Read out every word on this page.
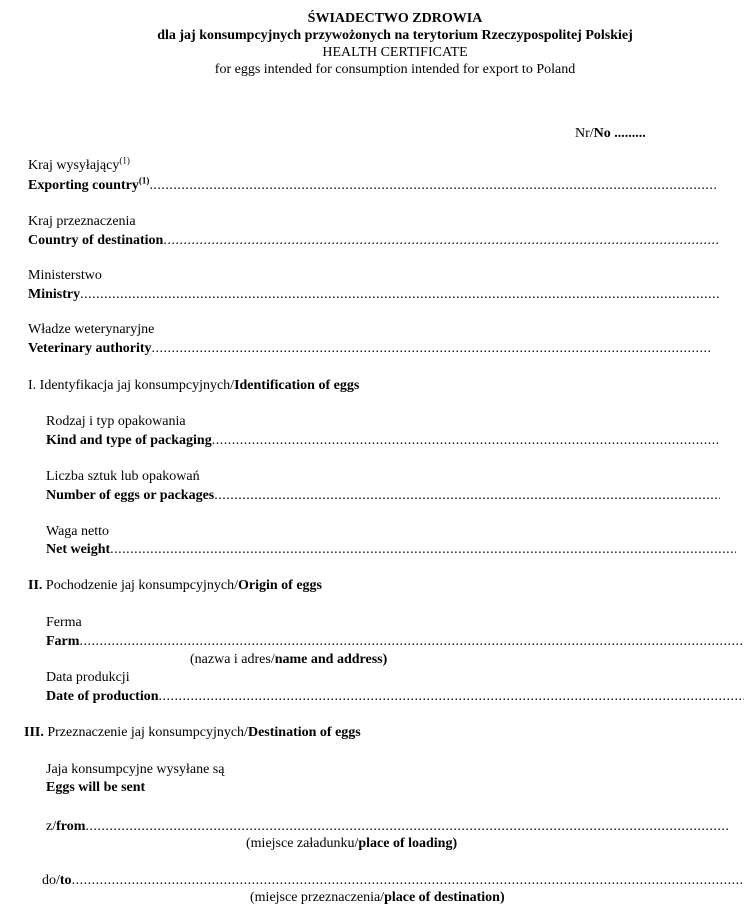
ŚWIADECTWO ZDROWIA
dla jaj konsumpcyjnych przywożonych na terytorium Rzeczypospolitej Polskiej
HEALTH CERTIFICATE
for eggs intended for consumption intended for export to Poland
Nr/No .........
Kraj wysyłający$^{(1)}$
Exporting country$^{(1)}$
.....
Kraj przeznaczenia
Country of destination
.....
Ministerstwo
Ministry
.....
Władze weterynaryjne
Veterinary authority
.....
I. Identyfikacja jaj konsumpcyjnych/Identification of eggs
Rodzaj i typ opakowania
Kind and type of packaging
.....
Liczba sztuk lub opakowań
Number of eggs or packages
.....
Waga netto
Net weight
.....
II. Pochodzenie jaj konsumpcyjnych/Origin of eggs
Ferma
Farm
.....
(nazwa i adres/name and address)
Data produkcji
Date of production
.....
III. Przeznaczenie jaj konsumpcyjnych/Destination of eggs
Jaja konsumpcyjne wysyłane są
Eggs will be sent
z/from
.....
(miejsce załadunku/place of loading)
do/to
.....
(miejsce przeznaczenia/place of destination)
